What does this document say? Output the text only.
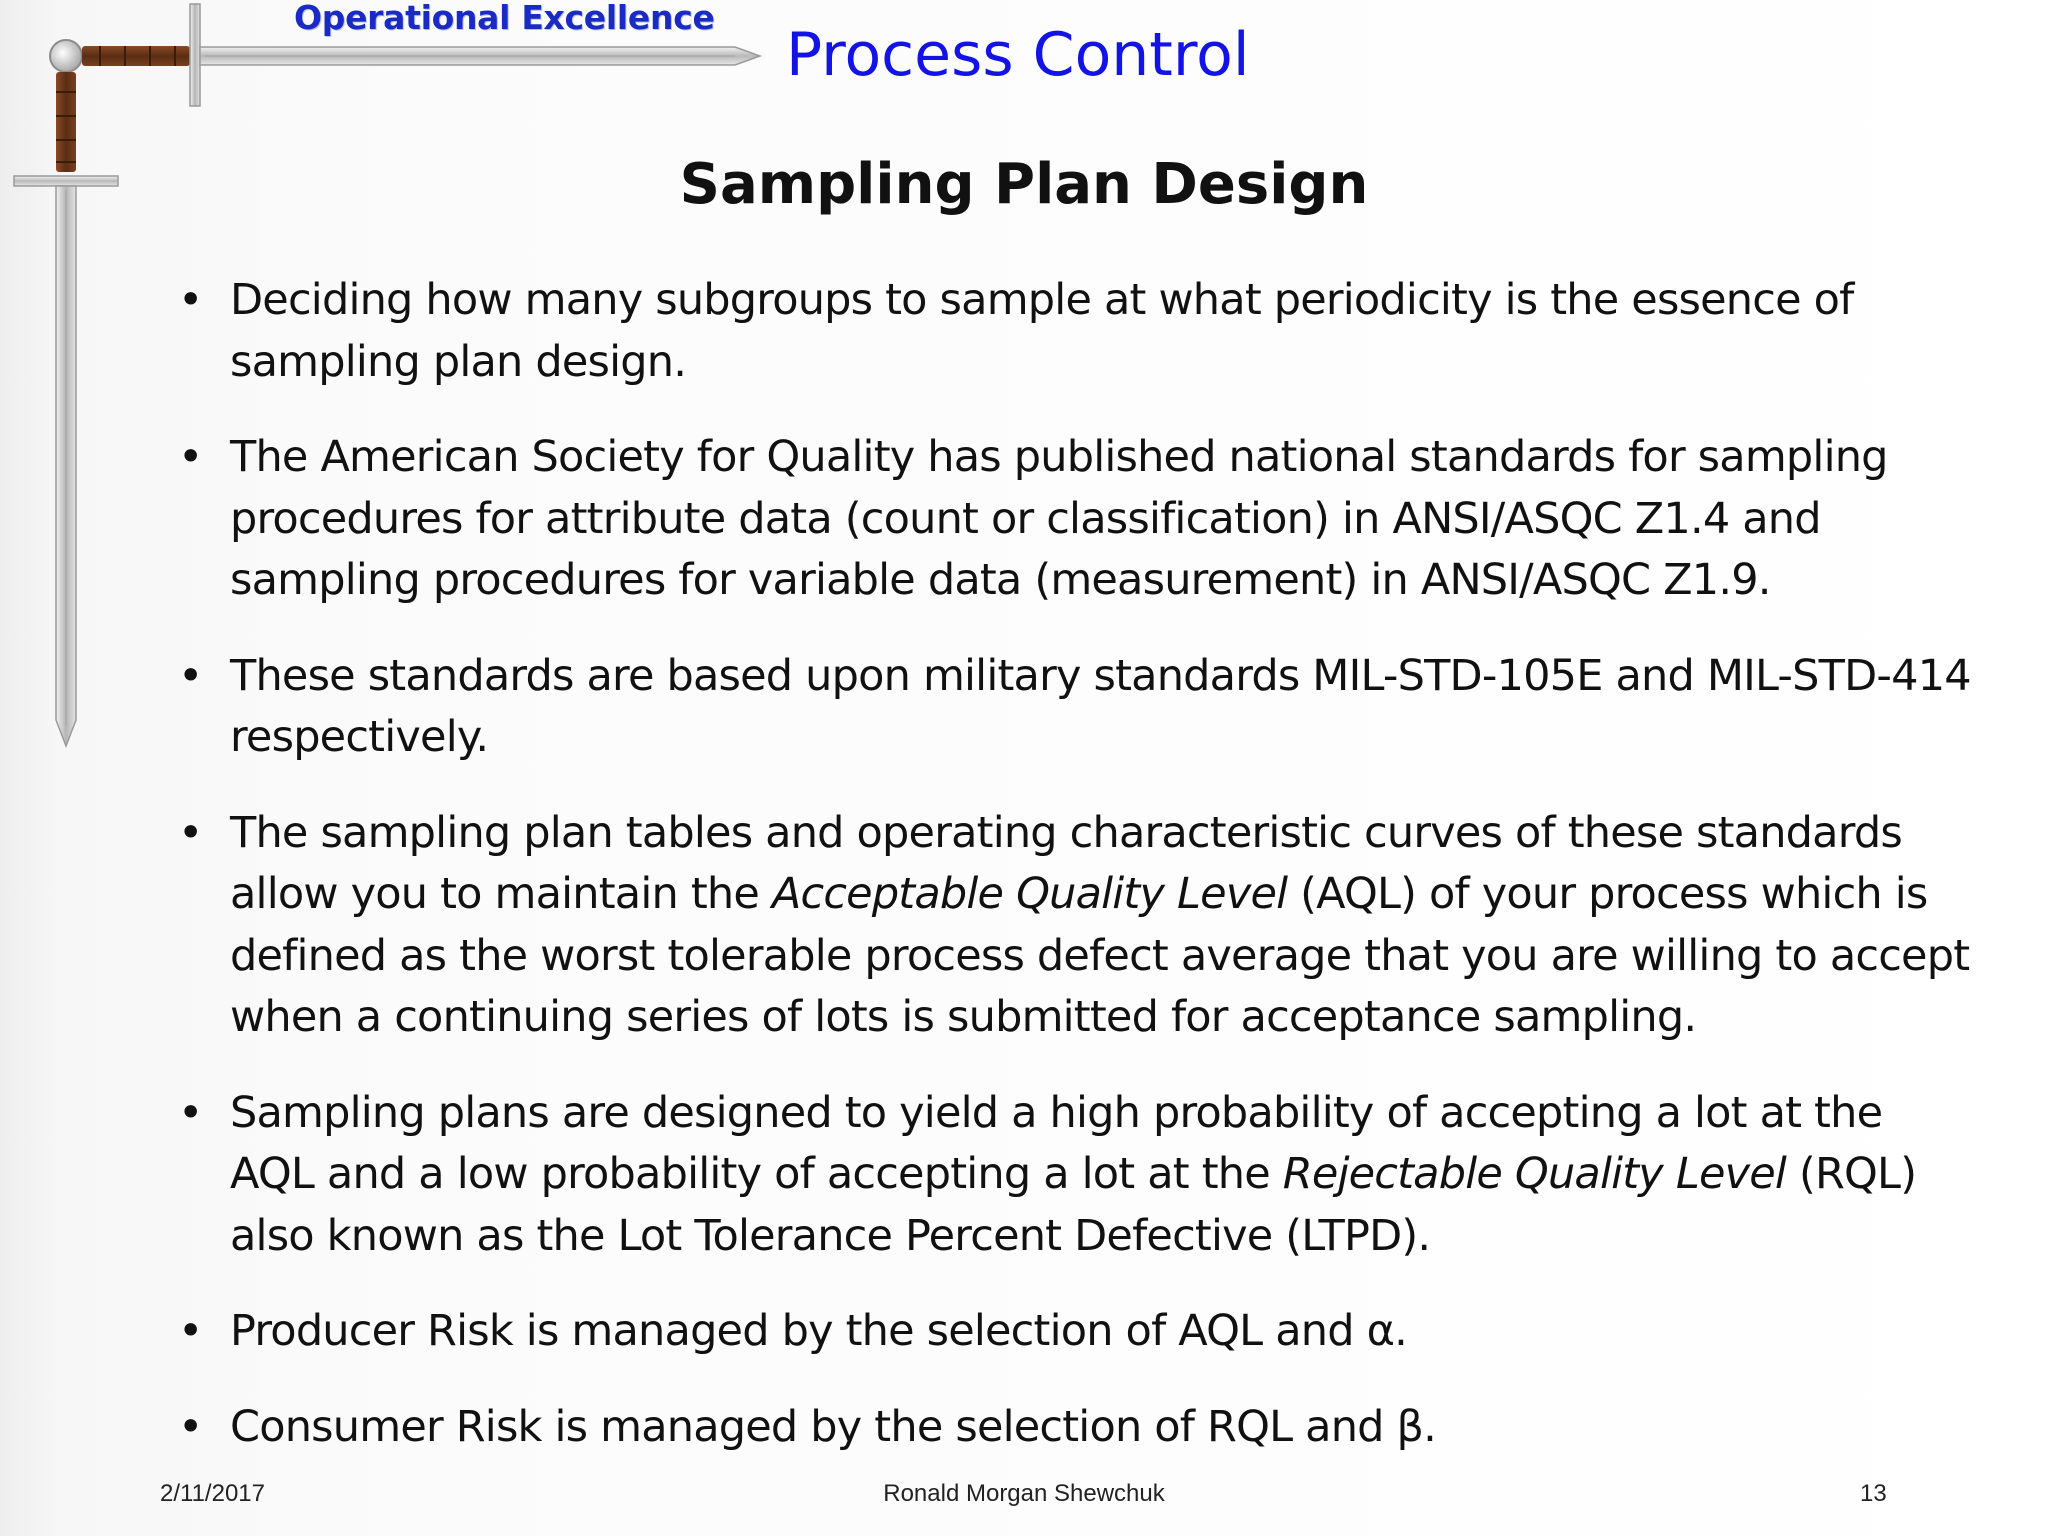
Operational Excellence
Process Control
Sampling Plan Design
• Deciding how many subgroups to sample at what periodicity is the essence of sampling plan design.
• The American Society for Quality has published national standards for sampling procedures for attribute data (count or classification) in ANSI/ASQC Z1.4 and sampling procedures for variable data (measurement) in ANSI/ASQC Z1.9.
• These standards are based upon military standards MIL-STD-105E and MIL-STD-414 respectively.
• The sampling plan tables and operating characteristic curves of these standards allow you to maintain the Acceptable Quality Level (AQL) of your process which is defined as the worst tolerable process defect average that you are willing to accept when a continuing series of lots is submitted for acceptance sampling.
• Sampling plans are designed to yield a high probability of accepting a lot at the AQL and a low probability of accepting a lot at the Rejectable Quality Level (RQL) also known as the Lot Tolerance Percent Defective (LTPD).
• Producer Risk is managed by the selection of AQL and α.
• Consumer Risk is managed by the selection of RQL and β.
2/11/2017	Ronald Morgan Shewchuk	13
